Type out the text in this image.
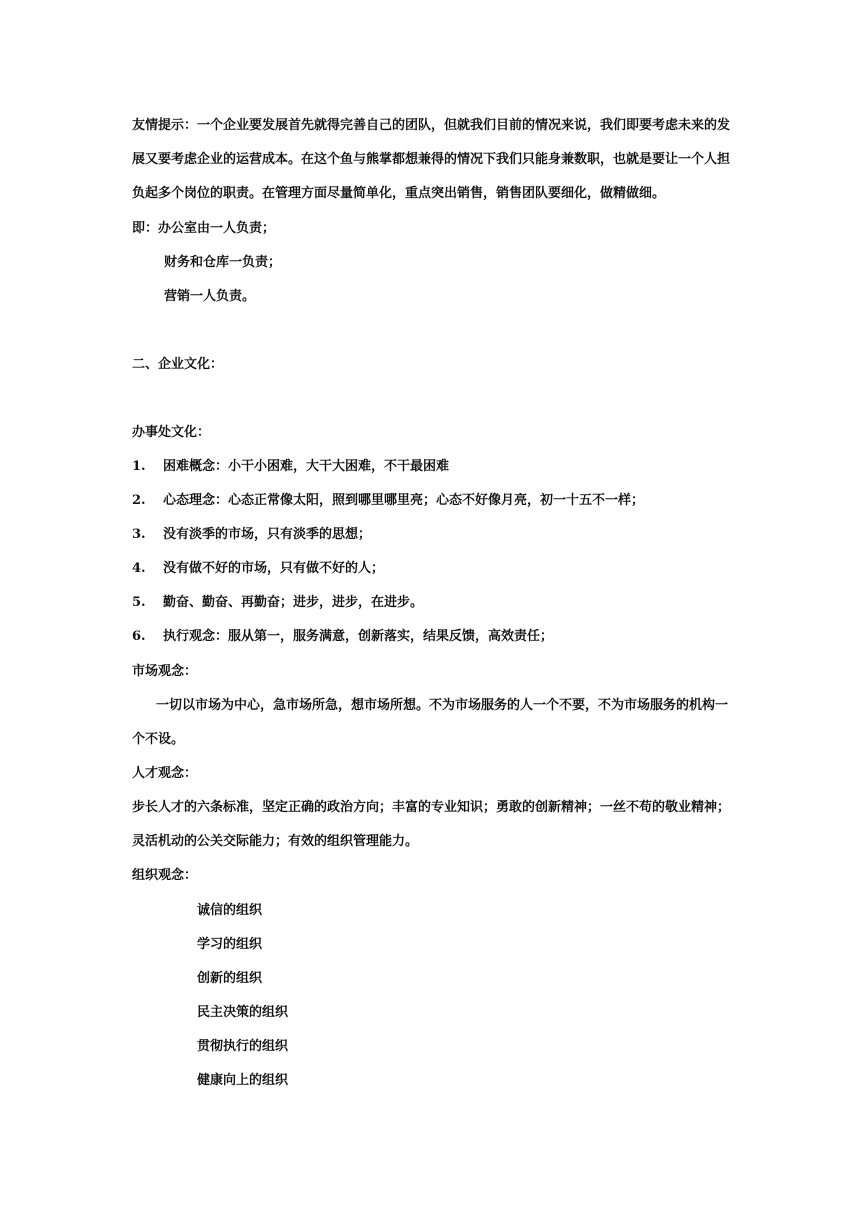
友情提示：一个企业要发展首先就得完善自己的团队，但就我们目前的情况来说，我们即要考虑未来的发
展又要考虑企业的运营成本。在这个鱼与熊掌都想兼得的情况下我们只能身兼数职，也就是要让一个人担
负起多个岗位的职责。在管理方面尽量简单化，重点突出销售，销售团队要细化，做精做细。
即：办公室由一人负责；
财务和仓库一负责；
营销一人负责。
二、企业文化：
办事处文化：
1. 困难概念：小干小困难，大干大困难，不干最困难
2. 心态理念：心态正常像太阳，照到哪里哪里亮；心态不好像月亮，初一十五不一样；
3. 没有淡季的市场，只有淡季的思想；
4. 没有做不好的市场，只有做不好的人；
5. 勤奋、勤奋、再勤奋；进步，进步，在进步。
6. 执行观念：服从第一，服务满意，创新落实，结果反馈，高效责任；
市场观念：
一切以市场为中心，急市场所急，想市场所想。不为市场服务的人一个不要，不为市场服务的机构一
个不设。
人才观念：
步长人才的六条标准，坚定正确的政治方向；丰富的专业知识；勇敢的创新精神；一丝不苟的敬业精神；
灵活机动的公关交际能力；有效的组织管理能力。
组织观念：
诚信的组织
学习的组织
创新的组织
民主决策的组织
贯彻执行的组织
健康向上的组织
